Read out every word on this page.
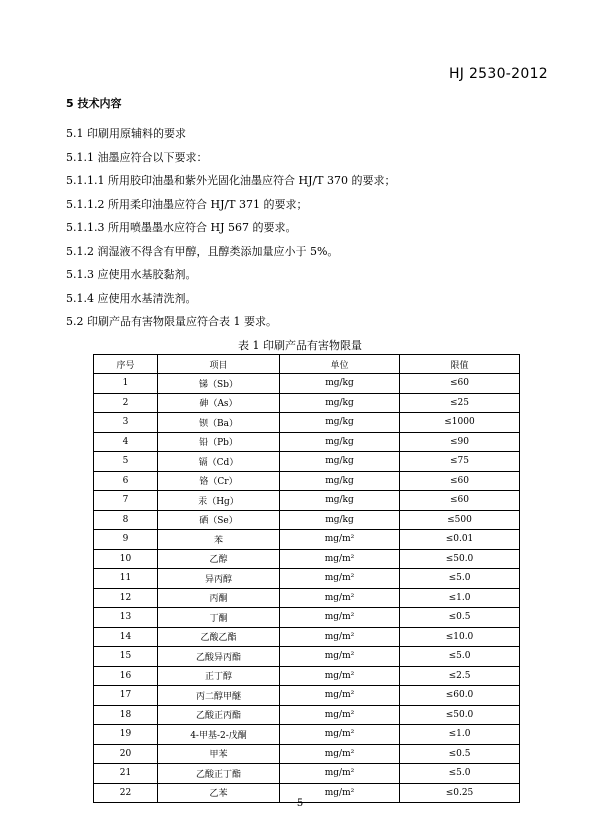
HJ 2530-2012
5 技术内容
5.1 印刷用原辅料的要求
5.1.1 油墨应符合以下要求：
5.1.1.1 所用胶印油墨和紫外光固化油墨应符合 HJ/T 370 的要求；
5.1.1.2 所用柔印油墨应符合 HJ/T 371 的要求；
5.1.1.3 所用喷墨墨水应符合 HJ 567 的要求。
5.1.2 润湿液不得含有甲醇，且醇类添加量应小于 5%。
5.1.3 应使用水基胶黏剂。
5.1.4 应使用水基清洗剂。
5.2 印刷产品有害物限量应符合表 1 要求。
表 1 印刷产品有害物限量
序号	项目	单位	限值
1	锑（Sb）	mg/kg	≤60
2	砷（As）	mg/kg	≤25
3	钡（Ba）	mg/kg	≤1000
4	铅（Pb）	mg/kg	≤90
5	镉（Cd）	mg/kg	≤75
6	铬（Cr）	mg/kg	≤60
7	汞（Hg）	mg/kg	≤60
8	硒（Se）	mg/kg	≤500
9	苯	mg/m²	≤0.01
10	乙醇	mg/m²	≤50.0
11	异丙醇	mg/m²	≤5.0
12	丙酮	mg/m²	≤1.0
13	丁酮	mg/m²	≤0.5
14	乙酸乙酯	mg/m²	≤10.0
15	乙酸异丙酯	mg/m²	≤5.0
16	正丁醇	mg/m²	≤2.5
17	丙二醇甲醚	mg/m²	≤60.0
18	乙酸正丙酯	mg/m²	≤50.0
19	4-甲基-2-戊酮	mg/m²	≤1.0
20	甲苯	mg/m²	≤0.5
21	乙酸正丁酯	mg/m²	≤5.0
22	乙苯	mg/m²	≤0.25
5
